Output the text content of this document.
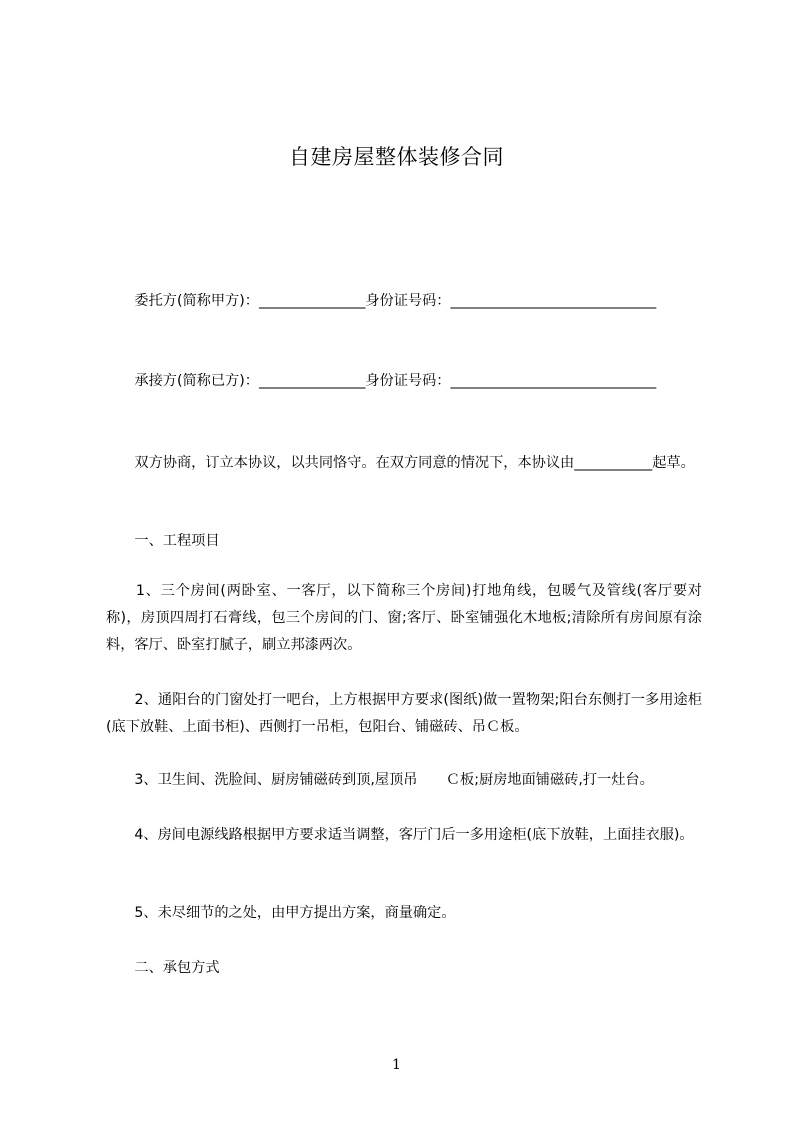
自建房屋整体装修合同
　　委托方(简称甲方)：_______________身份证号码：_____________________________
　　承接方(简称已方)：_______________身份证号码：_____________________________
　　双方协商，订立本协议，以共同恪守。在双方同意的情况下，本协议由___________起草。
　　一、工程项目
　　1、三个房间(两卧室、一客厅，以下简称三个房间)打地角线，包暖气及管线(客厅要对称)，房顶四周打石膏线，包三个房间的门、窗;客厅、卧室铺强化木地板;清除所有房间原有涂料，客厅、卧室打腻子，刷立邦漆两次。
　　2、通阳台的门窗处打一吧台，上方根据甲方要求(图纸)做一置物架;阳台东侧打一多用途柜(底下放鞋、上面书柜)、西侧打一吊柜，包阳台、铺磁砖、吊Ｃ板。
　　3、卫生间、洗脸间、厨房铺磁砖到顶,屋顶吊　　Ｃ板;厨房地面铺磁砖,打一灶台。
　　4、房间电源线路根据甲方要求适当调整，客厅门后一多用途柜(底下放鞋，上面挂衣服)。
　　5、未尽细节的之处，由甲方提出方案，商量确定。
　　二、承包方式
1
